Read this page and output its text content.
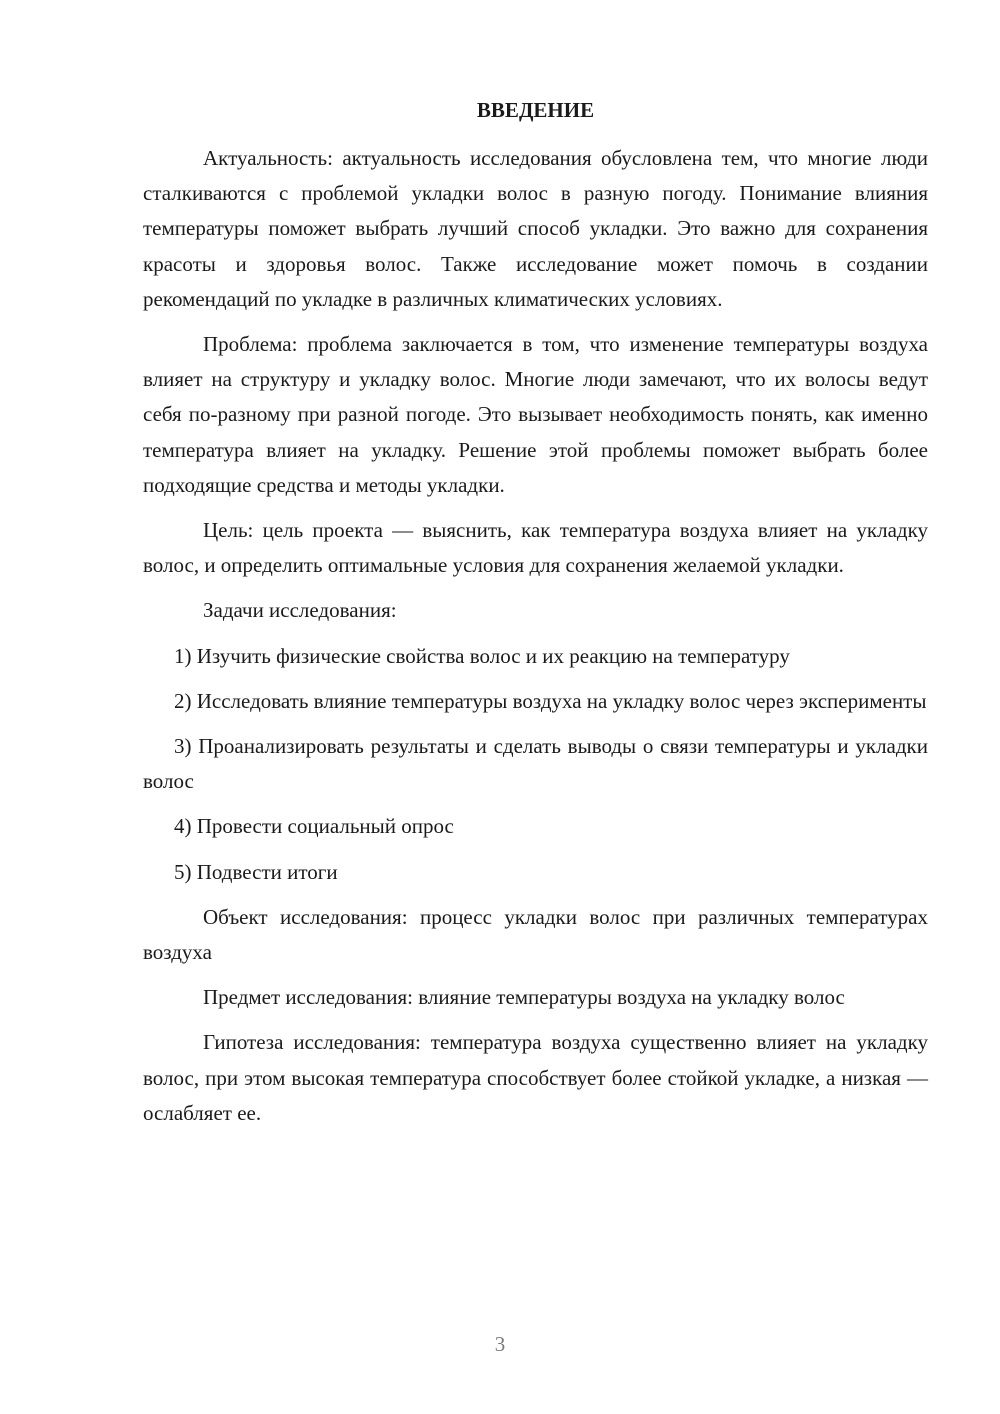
ВВЕДЕНИЕ

Актуальность: актуальность исследования обусловлена тем, что многие люди сталкиваются с проблемой укладки волос в разную погоду. Понимание влияния температуры поможет выбрать лучший способ укладки. Это важно для сохранения красоты и здоровья волос. Также исследование может помочь в создании рекомендаций по укладке в различных климатических условиях.

Проблема: проблема заключается в том, что изменение температуры воздуха влияет на структуру и укладку волос. Многие люди замечают, что их волосы ведут себя по-разному при разной погоде. Это вызывает необходимость понять, как именно температура влияет на укладку. Решение этой проблемы поможет выбрать более подходящие средства и методы укладки.

Цель: цель проекта — выяснить, как температура воздуха влияет на укладку волос, и определить оптимальные условия для сохранения желаемой укладки.

Задачи исследования:

1) Изучить физические свойства волос и их реакцию на температуру

2) Исследовать влияние температуры воздуха на укладку волос через эксперименты

3) Проанализировать результаты и сделать выводы о связи температуры и укладки волос

4) Провести социальный опрос

5) Подвести итоги

Объект исследования: процесс укладки волос при различных температурах воздуха

Предмет исследования: влияние температуры воздуха на укладку волос

Гипотеза исследования: температура воздуха существенно влияет на укладку волос, при этом высокая температура способствует более стойкой укладке, а низкая — ослабляет ее.

3
